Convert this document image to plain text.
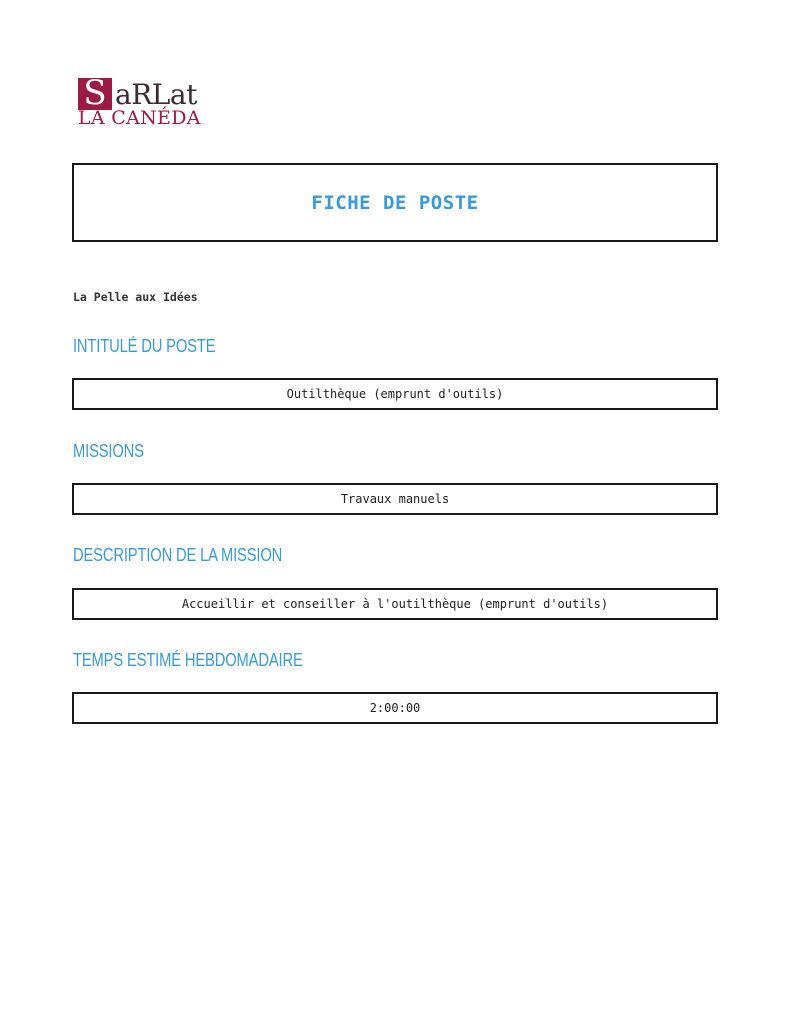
S aRLat
LA CANÉDA
FICHE DE POSTE
La Pelle aux Idées
INTITULÉ DU POSTE
Outilthèque (emprunt d'outils)
MISSIONS
Travaux manuels
DESCRIPTION DE LA MISSION
Accueillir et conseiller à l'outilthèque (emprunt d'outils)
TEMPS ESTIMÉ HEBDOMADAIRE
2:00:00
